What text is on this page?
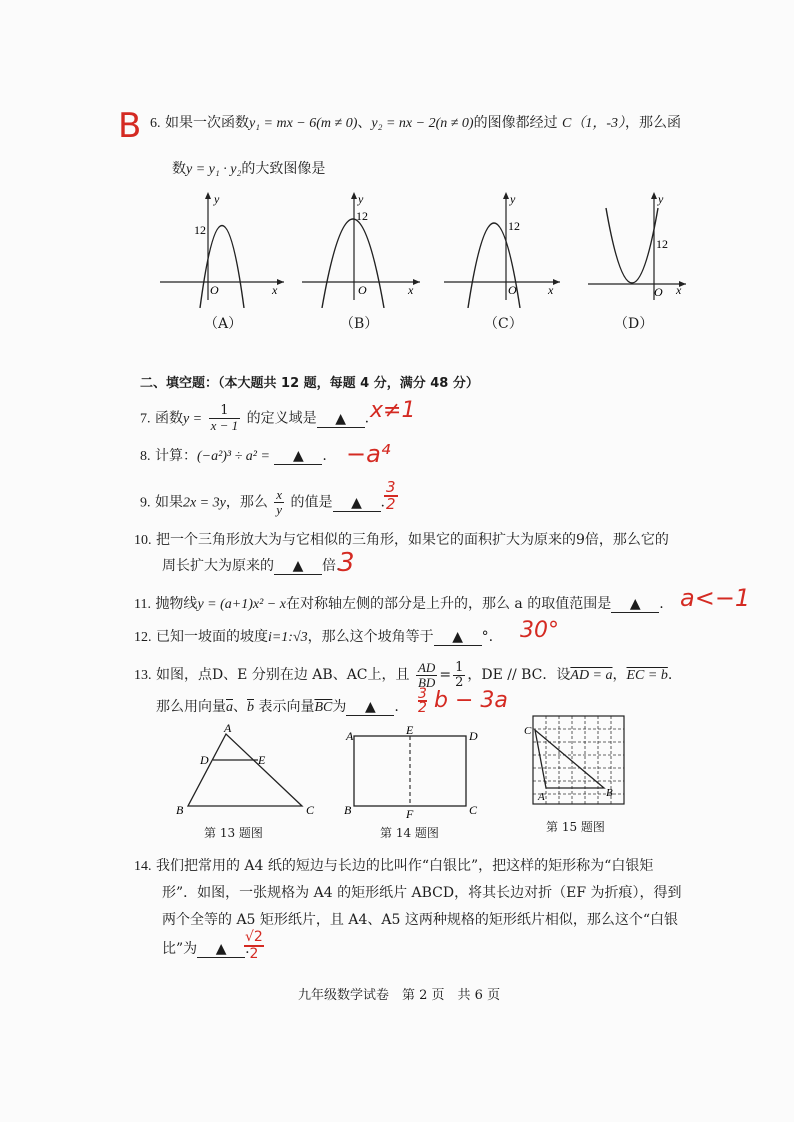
B 6. 如果一次函数y₁ = mx − 6(m ≠ 0)、y₂ = nx − 2(n ≠ 0)的图像都经过 C（1，-3），那么函
数y = y₁ · y₂的大致图像是
y
x
O
12
y
x
O
12
y
x
O
12
y
x
O
12
（A）	（B）	（C）	（D）
二、填空题：（本大题共 12 题，每题 4 分，满分 48 分）
7. 函数$y = \frac{1}{x - 1}$ 的定义域是 ▲ . x≠1
8. 计算：(−a²)³ ÷ a² = ▲ . −a⁴
9. 如果2x = 3y，那么 $\frac{x}{y}$ 的值是 ▲ .
3
2
10. 把一个三角形放大为与它相似的三角形，如果它的面积扩大为原来的9倍，那么它的
周长扩大为原来的 ▲ 倍.
3
11. 抛物线y = (a+1)x² − x在对称轴左侧的部分是上升的，那么 a 的取值范围是 ▲ . a<−1
12. 已知一坡面的坡度i=1:√3，那么这个坡角等于 ▲ °. 30°
13. 如图，点D、E 分别在边 AB、AC上，且 $\frac{AD}{BD} = \frac{1}{2}$ ，DE // BC．设AD = a，EC = b.
那么用向量$\overline{a}$、$\overline{b}$ 表示向量$\overline{BC}$为 ▲ .
3
2 b − 3a
A
D	E
B	C
第 13 题图
A	E	D
B	F	C
第 14 题图
C
A	B
第 15 题图
14. 我们把常用的 A4 纸的短边与长边的比叫作“白银比”，把这样的矩形称为“白银矩
形”．如图，一张规格为 A4 的矩形纸片 ABCD，将其长边对折（EF 为折痕），得到
两个全等的 A5 矩形纸片，且 A4、A5 这两种规格的矩形纸片相似，那么这个“白银
比”为 ▲ .
√2
2
九年级数学试卷　第 2 页　共 6 页
